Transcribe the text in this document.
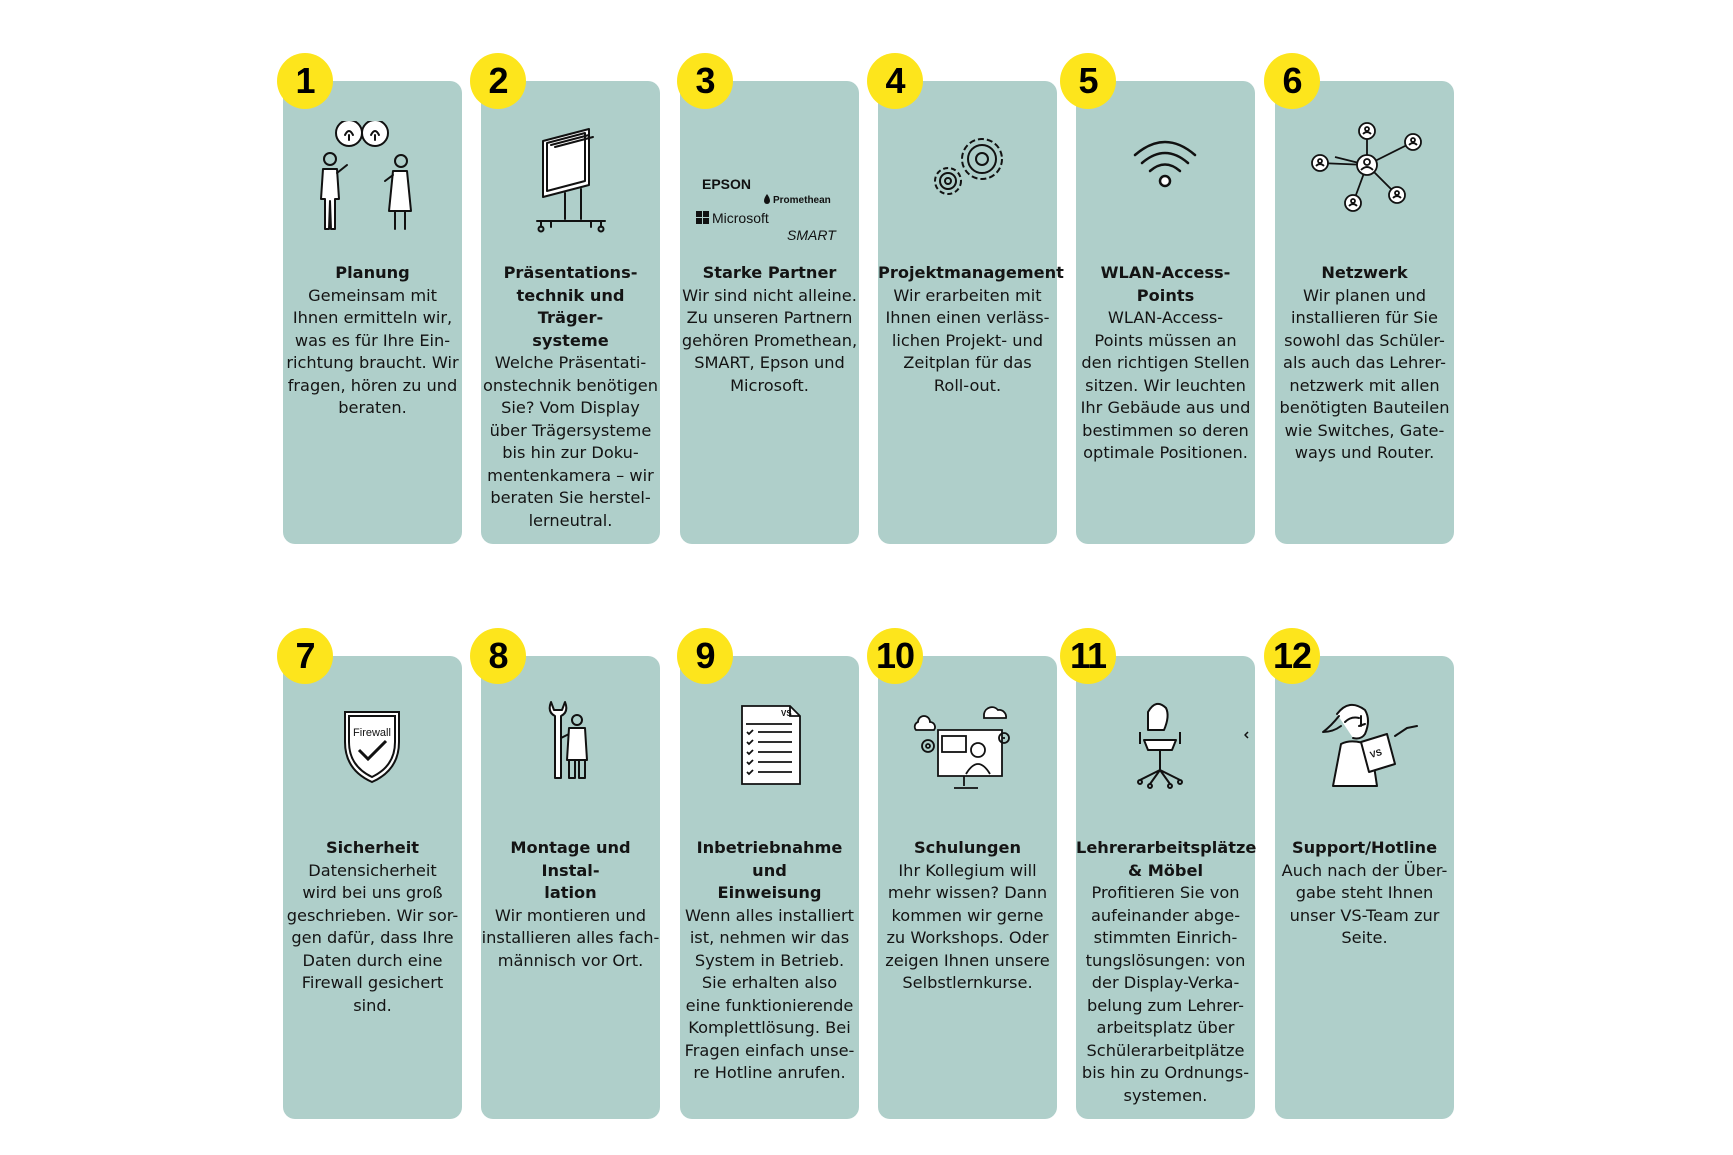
Planung
Gemeinsam mit
Ihnen ermitteln wir,
was es für Ihre Ein-
richtung braucht. Wir
fragen, hören zu und
beraten.
1
Präsentations-
technik und Träger-
systeme
Welche Präsentati-
onstechnik benötigen
Sie? Vom Display
über Trägersysteme
bis hin zur Doku-
mentenkamera – wir
beraten Sie herstel-
lerneutral.
2
EPSON
Promethean
Microsoft
SMART
Starke Partner
Wir sind nicht alleine.
Zu unseren Partnern
gehören Promethean,
SMART, Epson und
Microsoft.
3
Projektmanagement
Wir erarbeiten mit
Ihnen einen verläss-
lichen Projekt- und
Zeitplan für das
Roll-out.
4
WLAN-Access-
Points
WLAN-Access-
Points müssen an
den richtigen Stellen
sitzen. Wir leuchten
Ihr Gebäude aus und
bestimmen so deren
optimale Positionen.
5
Netzwerk
Wir planen und
installieren für Sie
sowohl das Schüler-
als auch das Lehrer-
netzwerk mit allen
benötigten Bauteilen
wie Switches, Gate-
ways und Router.
6
Firewall
Sicherheit
Datensicherheit
wird bei uns groß
geschrieben. Wir sor-
gen dafür, dass Ihre
Daten durch eine
Firewall gesichert
sind.
7
Montage und Instal-
lation
Wir montieren und
installieren alles fach-
männisch vor Ort.
8
VS
Inbetriebnahme und
Einweisung
Wenn alles installiert
ist, nehmen wir das
System in Betrieb.
Sie erhalten also
eine funktionierende
Komplettlösung. Bei
Fragen einfach unse-
re Hotline anrufen.
9
Schulungen
Ihr Kollegium will
mehr wissen? Dann
kommen wir gerne
zu Workshops. Oder
zeigen Ihnen unsere
Selbstlernkurse.
10
Lehrerarbeitsplätze
& Möbel
Profitieren Sie von
aufeinander abge-
stimmten Einrich-
tungslösungen: von
der Display-Verka-
belung zum Lehrer-
arbeitsplatz über
Schülerarbeitplätze
bis hin zu Ordnungs-
systemen.
11
VS
Support/Hotline
Auch nach der Über-
gabe steht Ihnen
unser VS-Team zur
Seite.
12
